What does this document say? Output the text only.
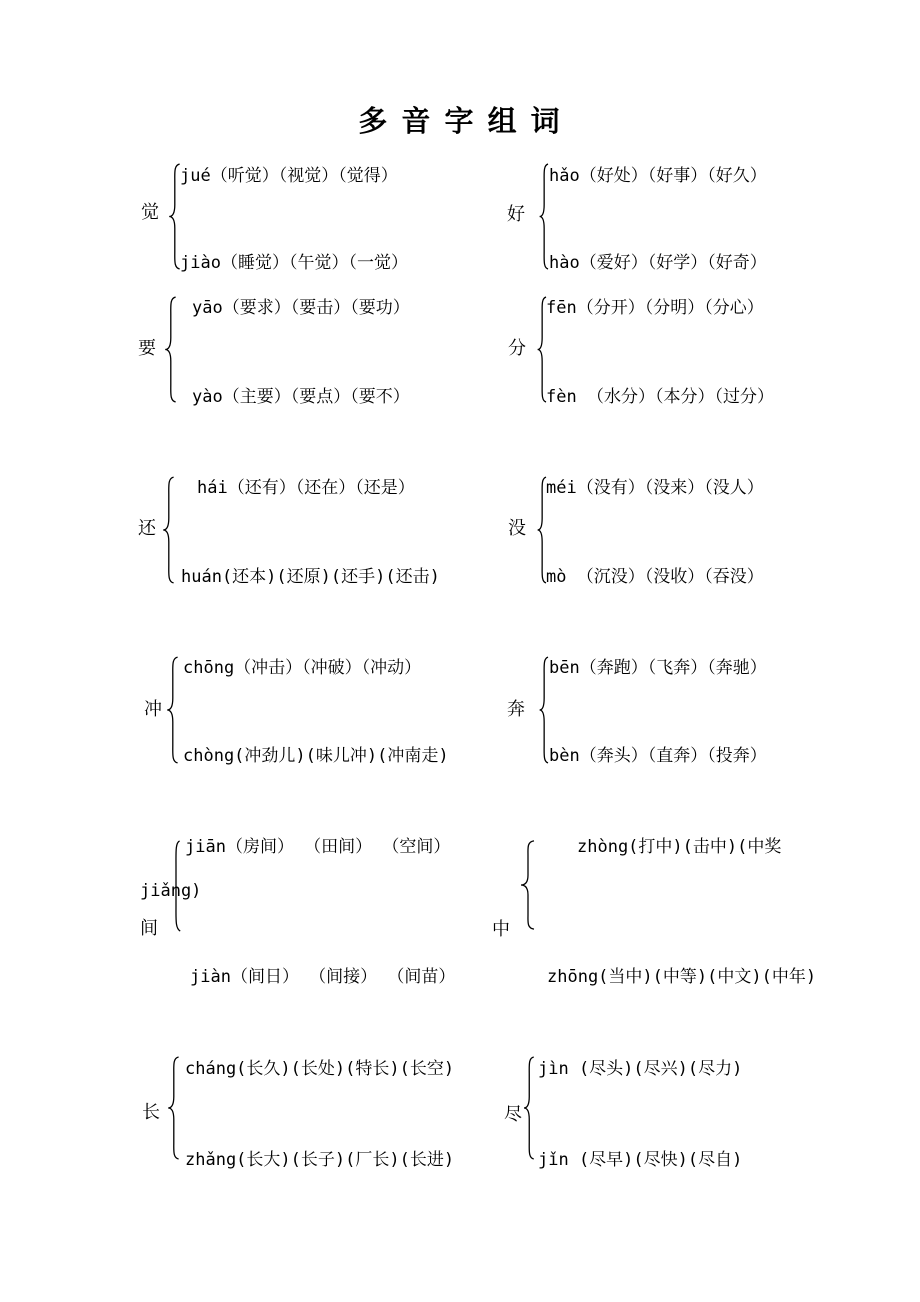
多 音 字 组 词
觉
jué（听觉）（视觉）（觉得）
jiào（睡觉）（午觉）（一觉）
好
hǎo（好处）（好事）（好久）
hào（爱好）（好学）（好奇）
要
yāo（要求）（要击）（要功）
yào（主要）（要点）（要不）
分
fēn（分开）（分明）（分心）
fèn （水分）（本分）（过分）
还
hái（还有）（还在）（还是）
huán(还本)(还原)(还手)(还击)
没
méi（没有）（没来）（没人）
mò （沉没）（没收）（吞没）
冲
chōng（冲击）（冲破）（冲动）
chòng(冲劲儿)(味儿冲)(冲南走)
奔
bēn（奔跑）（飞奔）（奔驰）
bèn（奔头）（直奔）（投奔）
间
jiān（房间） （田间） （空间）
jiǎng)
jiàn（间日） （间接） （间苗）
中
zhòng(打中)(击中)(中奖
zhōng(当中)(中等)(中文)(中年)
长
cháng(长久)(长处)(特长)(长空)
zhǎng(长大)(长子)(厂长)(长进)
尽
jìn (尽头)(尽兴)(尽力)
jǐn (尽早)(尽快)(尽自)
